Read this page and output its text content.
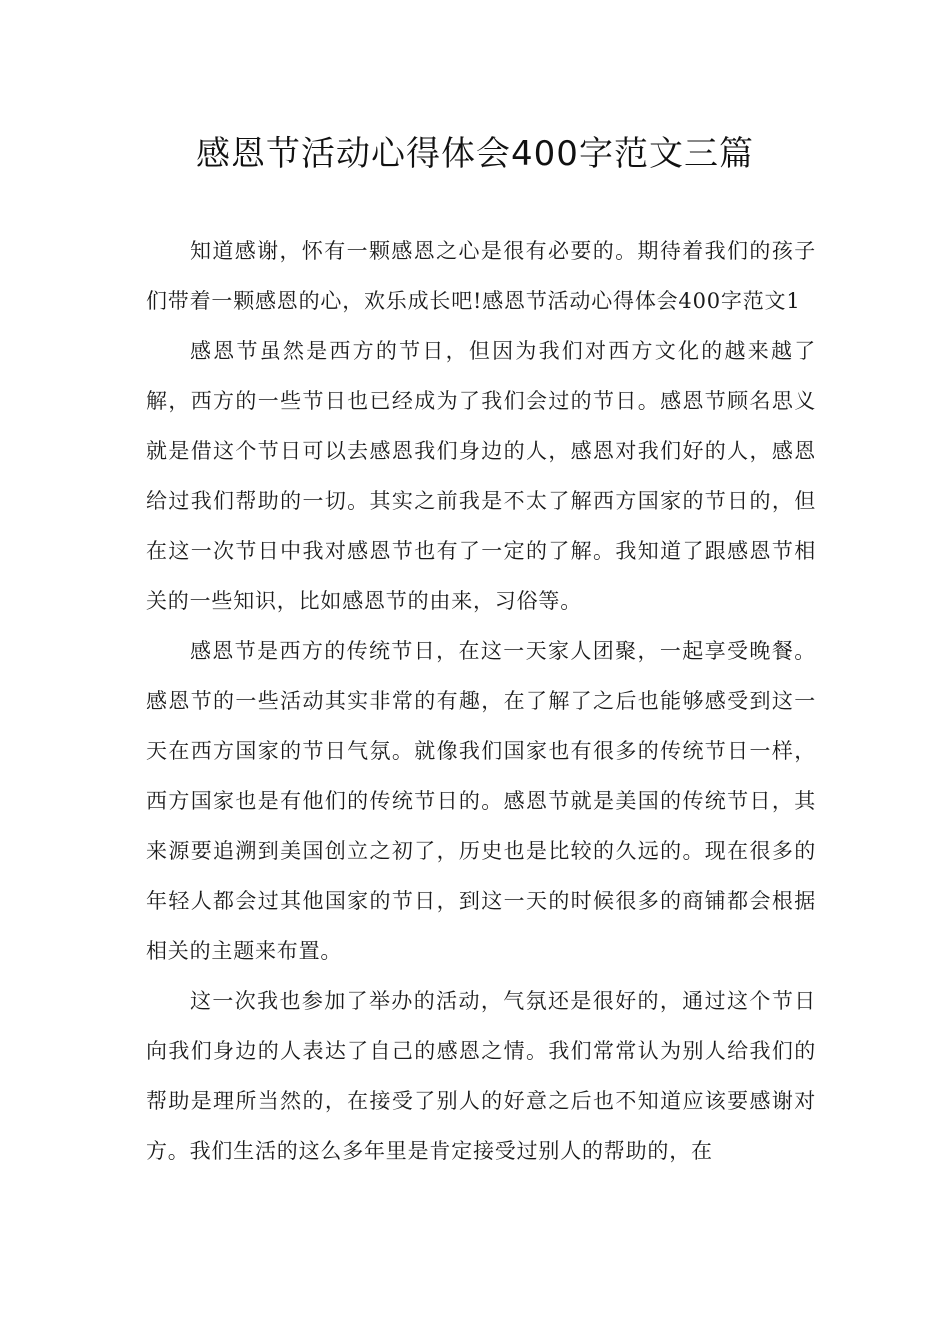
感恩节活动心得体会400字范文三篇

知道感谢，怀有一颗感恩之心是很有必要的。期待着我们的孩子们带着一颗感恩的心，欢乐成长吧!感恩节活动心得体会400字范文1

感恩节虽然是西方的节日，但因为我们对西方文化的越来越了解，西方的一些节日也已经成为了我们会过的节日。感恩节顾名思义就是借这个节日可以去感恩我们身边的人，感恩对我们好的人，感恩给过我们帮助的一切。其实之前我是不太了解西方国家的节日的，但在这一次节日中我对感恩节也有了一定的了解。我知道了跟感恩节相关的一些知识，比如感恩节的由来，习俗等。

感恩节是西方的传统节日，在这一天家人团聚，一起享受晚餐。感恩节的一些活动其实非常的有趣，在了解了之后也能够感受到这一天在西方国家的节日气氛。就像我们国家也有很多的传统节日一样，西方国家也是有他们的传统节日的。感恩节就是美国的传统节日，其来源要追溯到美国创立之初了，历史也是比较的久远的。现在很多的年轻人都会过其他国家的节日，到这一天的时候很多的商铺都会根据相关的主题来布置。

这一次我也参加了举办的活动，气氛还是很好的，通过这个节日向我们身边的人表达了自己的感恩之情。我们常常认为别人给我们的帮助是理所当然的，在接受了别人的好意之后也不知道应该要感谢对方。我们生活的这么多年里是肯定接受过别人的帮助的，在
